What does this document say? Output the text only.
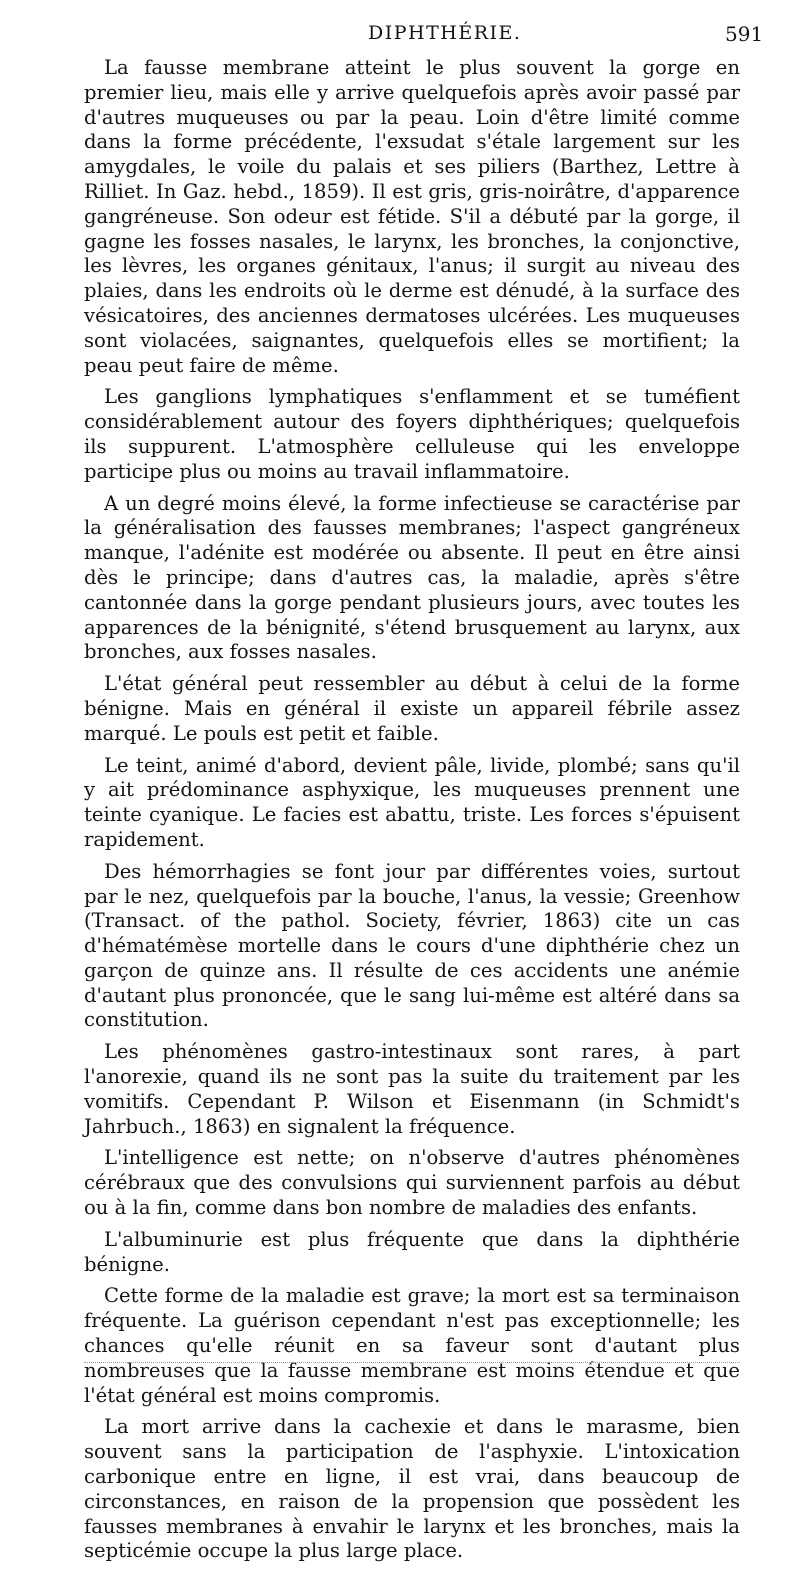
DIPHTHÉRIE.	591

La fausse membrane atteint le plus souvent la gorge en premier lieu, mais elle y arrive quelquefois après avoir passé par d'autres muqueuses ou par la peau. Loin d'être limité comme dans la forme précédente, l'exsudat s'étale largement sur les amygdales, le voile du palais et ses piliers (Barthez, Lettre à Rilliet. In Gaz. hebd., 1859). Il est gris, gris-noirâtre, d'apparence gangréneuse. Son odeur est fétide. S'il a débuté par la gorge, il gagne les fosses nasales, le larynx, les bronches, la conjonctive, les lèvres, les organes génitaux, l'anus; il surgit au niveau des plaies, dans les endroits où le derme est dénudé, à la surface des vésicatoires, des anciennes dermatoses ulcérées. Les muqueuses sont violacées, saignantes, quelquefois elles se mortifient; la peau peut faire de même.

Les ganglions lymphatiques s'enflamment et se tuméfient considérablement autour des foyers diphthériques; quelquefois ils suppurent. L'atmosphère celluleuse qui les enveloppe participe plus ou moins au travail inflammatoire.

A un degré moins élevé, la forme infectieuse se caractérise par la généralisation des fausses membranes; l'aspect gangréneux manque, l'adénite est modérée ou absente. Il peut en être ainsi dès le principe; dans d'autres cas, la maladie, après s'être cantonnée dans la gorge pendant plusieurs jours, avec toutes les apparences de la bénignité, s'étend brusquement au larynx, aux bronches, aux fosses nasales.

L'état général peut ressembler au début à celui de la forme bénigne. Mais en général il existe un appareil fébrile assez marqué. Le pouls est petit et faible.

Le teint, animé d'abord, devient pâle, livide, plombé; sans qu'il y ait prédominance asphyxique, les muqueuses prennent une teinte cyanique. Le facies est abattu, triste. Les forces s'épuisent rapidement.

Des hémorrhagies se font jour par différentes voies, surtout par le nez, quelquefois par la bouche, l'anus, la vessie; Greenhow (Transact. of the pathol. Society, février, 1863) cite un cas d'hématémèse mortelle dans le cours d'une diphthérie chez un garçon de quinze ans. Il résulte de ces accidents une anémie d'autant plus prononcée, que le sang lui-même est altéré dans sa constitution.

Les phénomènes gastro-intestinaux sont rares, à part l'anorexie, quand ils ne sont pas la suite du traitement par les vomitifs. Cependant P. Wilson et Eisenmann (in Schmidt's Jahrbuch., 1863) en signalent la fréquence.

L'intelligence est nette; on n'observe d'autres phénomènes cérébraux que des convulsions qui surviennent parfois au début ou à la fin, comme dans bon nombre de maladies des enfants.

L'albuminurie est plus fréquente que dans la diphthérie bénigne.

Cette forme de la maladie est grave; la mort est sa terminaison fréquente. La guérison cependant n'est pas exceptionnelle; les chances qu'elle réunit en sa faveur sont d'autant plus nombreuses que la fausse membrane est moins étendue et que l'état général est moins compromis.

La mort arrive dans la cachexie et dans le marasme, bien souvent sans la participation de l'asphyxie. L'intoxication carbonique entre en ligne, il est vrai, dans beaucoup de circonstances, en raison de la propension que possèdent les fausses membranes à envahir le larynx et les bronches, mais la septicémie occupe la plus large place.
